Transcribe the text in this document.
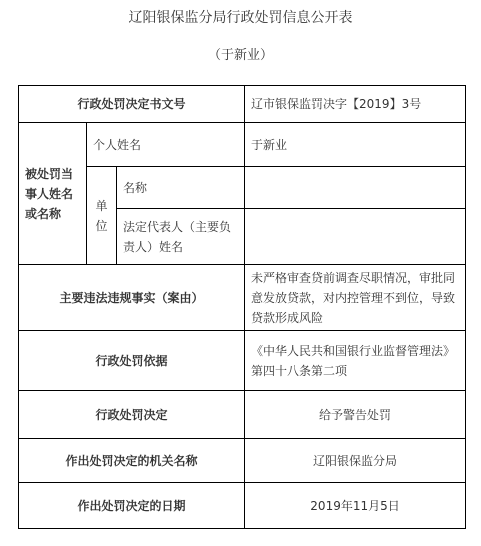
辽阳银保监分局行政处罚信息公开表
（于新业）
行政处罚决定书文号			辽市银保监罚决字【2019】3号
被处罚当事人姓名或名称	个人姓名		于新业
	单位	名称	
		法定代表人（主要负责人）姓名	
主要违法违规事实（案由）			未严格审查贷前调查尽职情况，审批同意发放贷款，对内控管理不到位，导致贷款形成风险
行政处罚依据			《中华人民共和国银行业监督管理法》第四十八条第二项
行政处罚决定			给予警告处罚
作出处罚决定的机关名称			辽阳银保监分局
作出处罚决定的日期			2019年11月5日
